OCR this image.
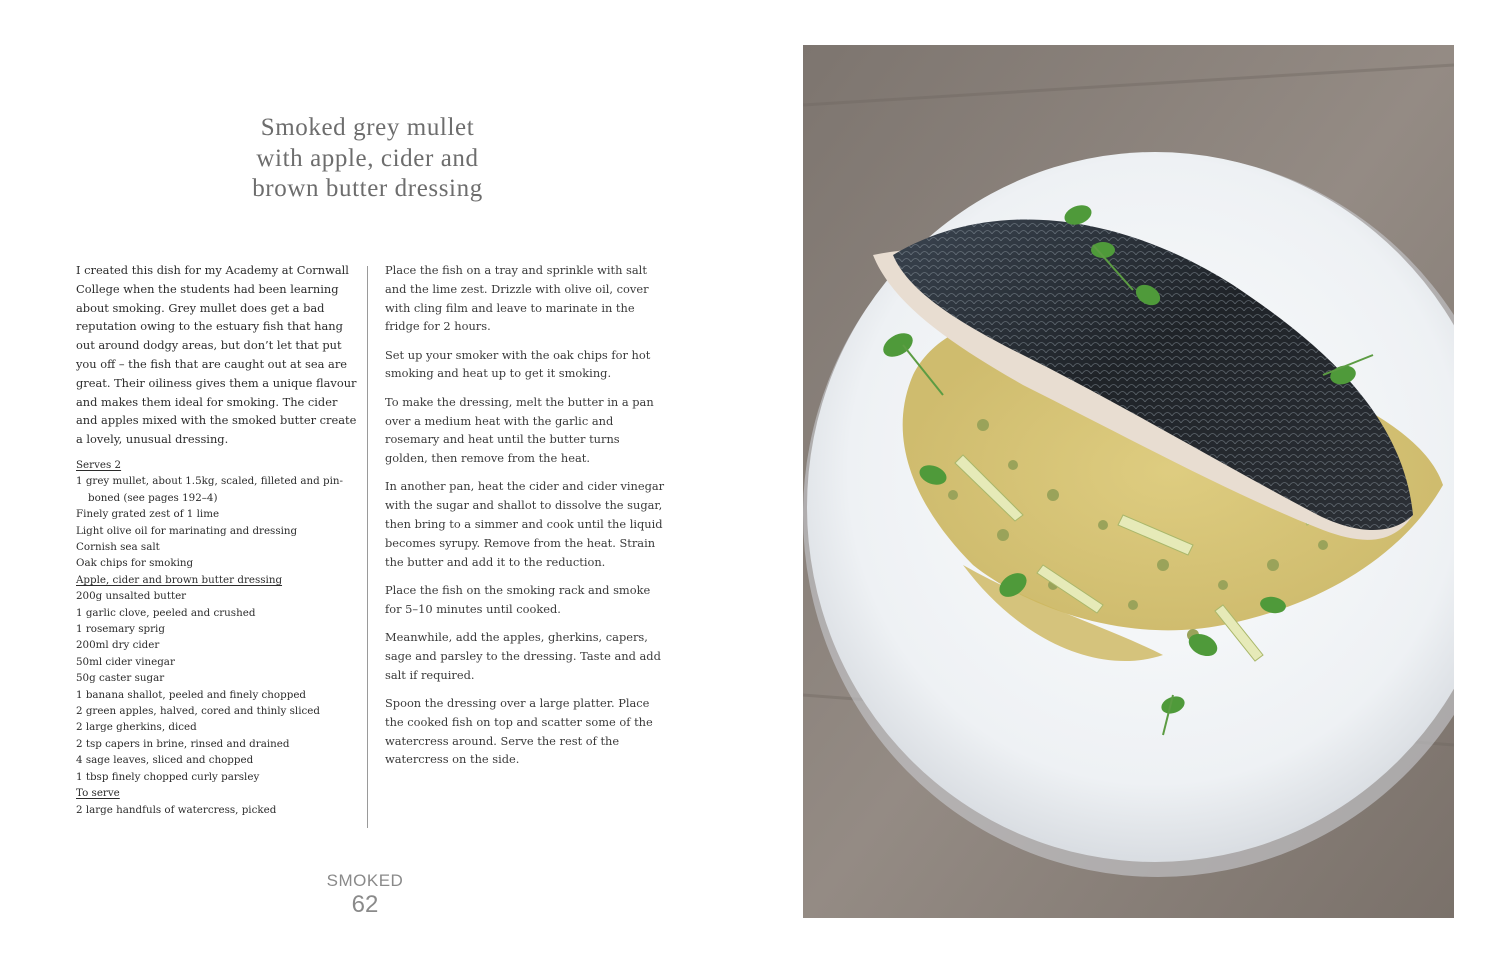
Smoked grey mullet
with apple, cider and
brown butter dressing

I created this dish for my Academy at Cornwall College when the students had been learning about smoking. Grey mullet does get a bad reputation owing to the estuary fish that hang out around dodgy areas, but don’t let that put you off – the fish that are caught out at sea are great. Their oiliness gives them a unique flavour and makes them ideal for smoking. The cider and apples mixed with the smoked butter create a lovely, unusual dressing.

Serves 2

1 grey mullet, about 1.5kg, scaled, filleted and pin-boned (see pages 192–4)
Finely grated zest of 1 lime
Light olive oil for marinating and dressing
Cornish sea salt
Oak chips for smoking

Apple, cider and brown butter dressing

200g unsalted butter
1 garlic clove, peeled and crushed
1 rosemary sprig
200ml dry cider
50ml cider vinegar
50g caster sugar
1 banana shallot, peeled and finely chopped
2 green apples, halved, cored and thinly sliced
2 large gherkins, diced
2 tsp capers in brine, rinsed and drained
4 sage leaves, sliced and chopped
1 tbsp finely chopped curly parsley

To serve

2 large handfuls of watercress, picked

Place the fish on a tray and sprinkle with salt and the lime zest. Drizzle with olive oil, cover with cling film and leave to marinate in the fridge for 2 hours.

Set up your smoker with the oak chips for hot smoking and heat up to get it smoking.

To make the dressing, melt the butter in a pan over a medium heat with the garlic and rosemary and heat until the butter turns golden, then remove from the heat.

In another pan, heat the cider and cider vinegar with the sugar and shallot to dissolve the sugar, then bring to a simmer and cook until the liquid becomes syrupy. Remove from the heat. Strain the butter and add it to the reduction.

Place the fish on the smoking rack and smoke for 5–10 minutes until cooked.

Meanwhile, add the apples, gherkins, capers, sage and parsley to the dressing. Taste and add salt if required.

Spoon the dressing over a large platter. Place the cooked fish on top and scatter some of the watercress around. Serve the rest of the watercress on the side.

SMOKED
62
